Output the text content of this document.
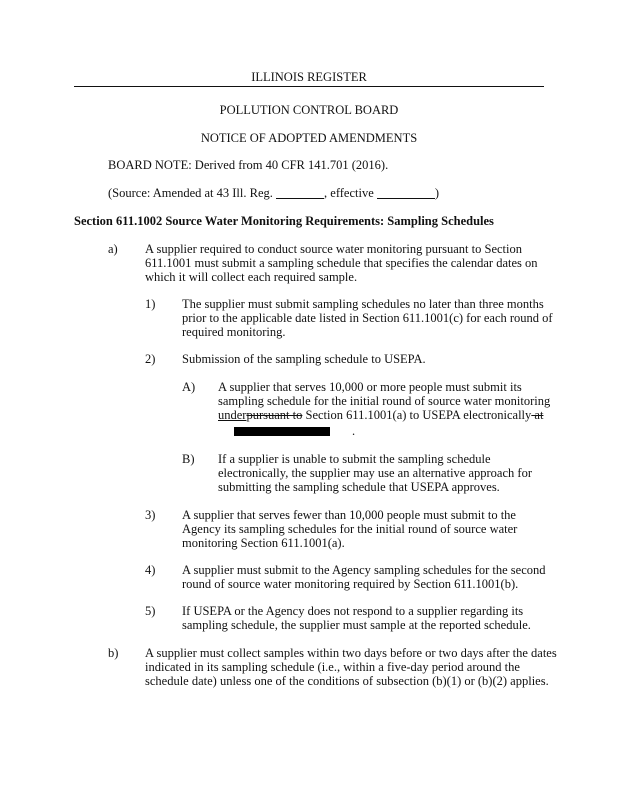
ILLINOIS REGISTER
POLLUTION CONTROL BOARD
NOTICE OF ADOPTED AMENDMENTS
BOARD NOTE: Derived from 40 CFR 141.701 (2016).
(Source: Amended at 43 Ill. Reg.	, effective	)
Section 611.1002 Source Water Monitoring Requirements: Sampling Schedules
a) A supplier required to conduct source water monitoring pursuant to Section
611.1001 must submit a sampling schedule that specifies the calendar dates on
which it will collect each required sample.
1) The supplier must submit sampling schedules no later than three months
prior to the applicable date listed in Section 611.1001(c) for each round of
required monitoring.
2) Submission of the sampling schedule to USEPA.
A) A supplier that serves 10,000 or more people must submit its
sampling schedule for the initial round of source water monitoring
underpursuant to Section 611.1001(a) to USEPA electronically at
.
B) If a supplier is unable to submit the sampling schedule
electronically, the supplier may use an alternative approach for
submitting the sampling schedule that USEPA approves.
3) A supplier that serves fewer than 10,000 people must submit to the
Agency its sampling schedules for the initial round of source water
monitoring Section 611.1001(a).
4) A supplier must submit to the Agency sampling schedules for the second
round of source water monitoring required by Section 611.1001(b).
5) If USEPA or the Agency does not respond to a supplier regarding its
sampling schedule, the supplier must sample at the reported schedule.
b) A supplier must collect samples within two days before or two days after the dates
indicated in its sampling schedule (i.e., within a five-day period around the
schedule date) unless one of the conditions of subsection (b)(1) or (b)(2) applies.
